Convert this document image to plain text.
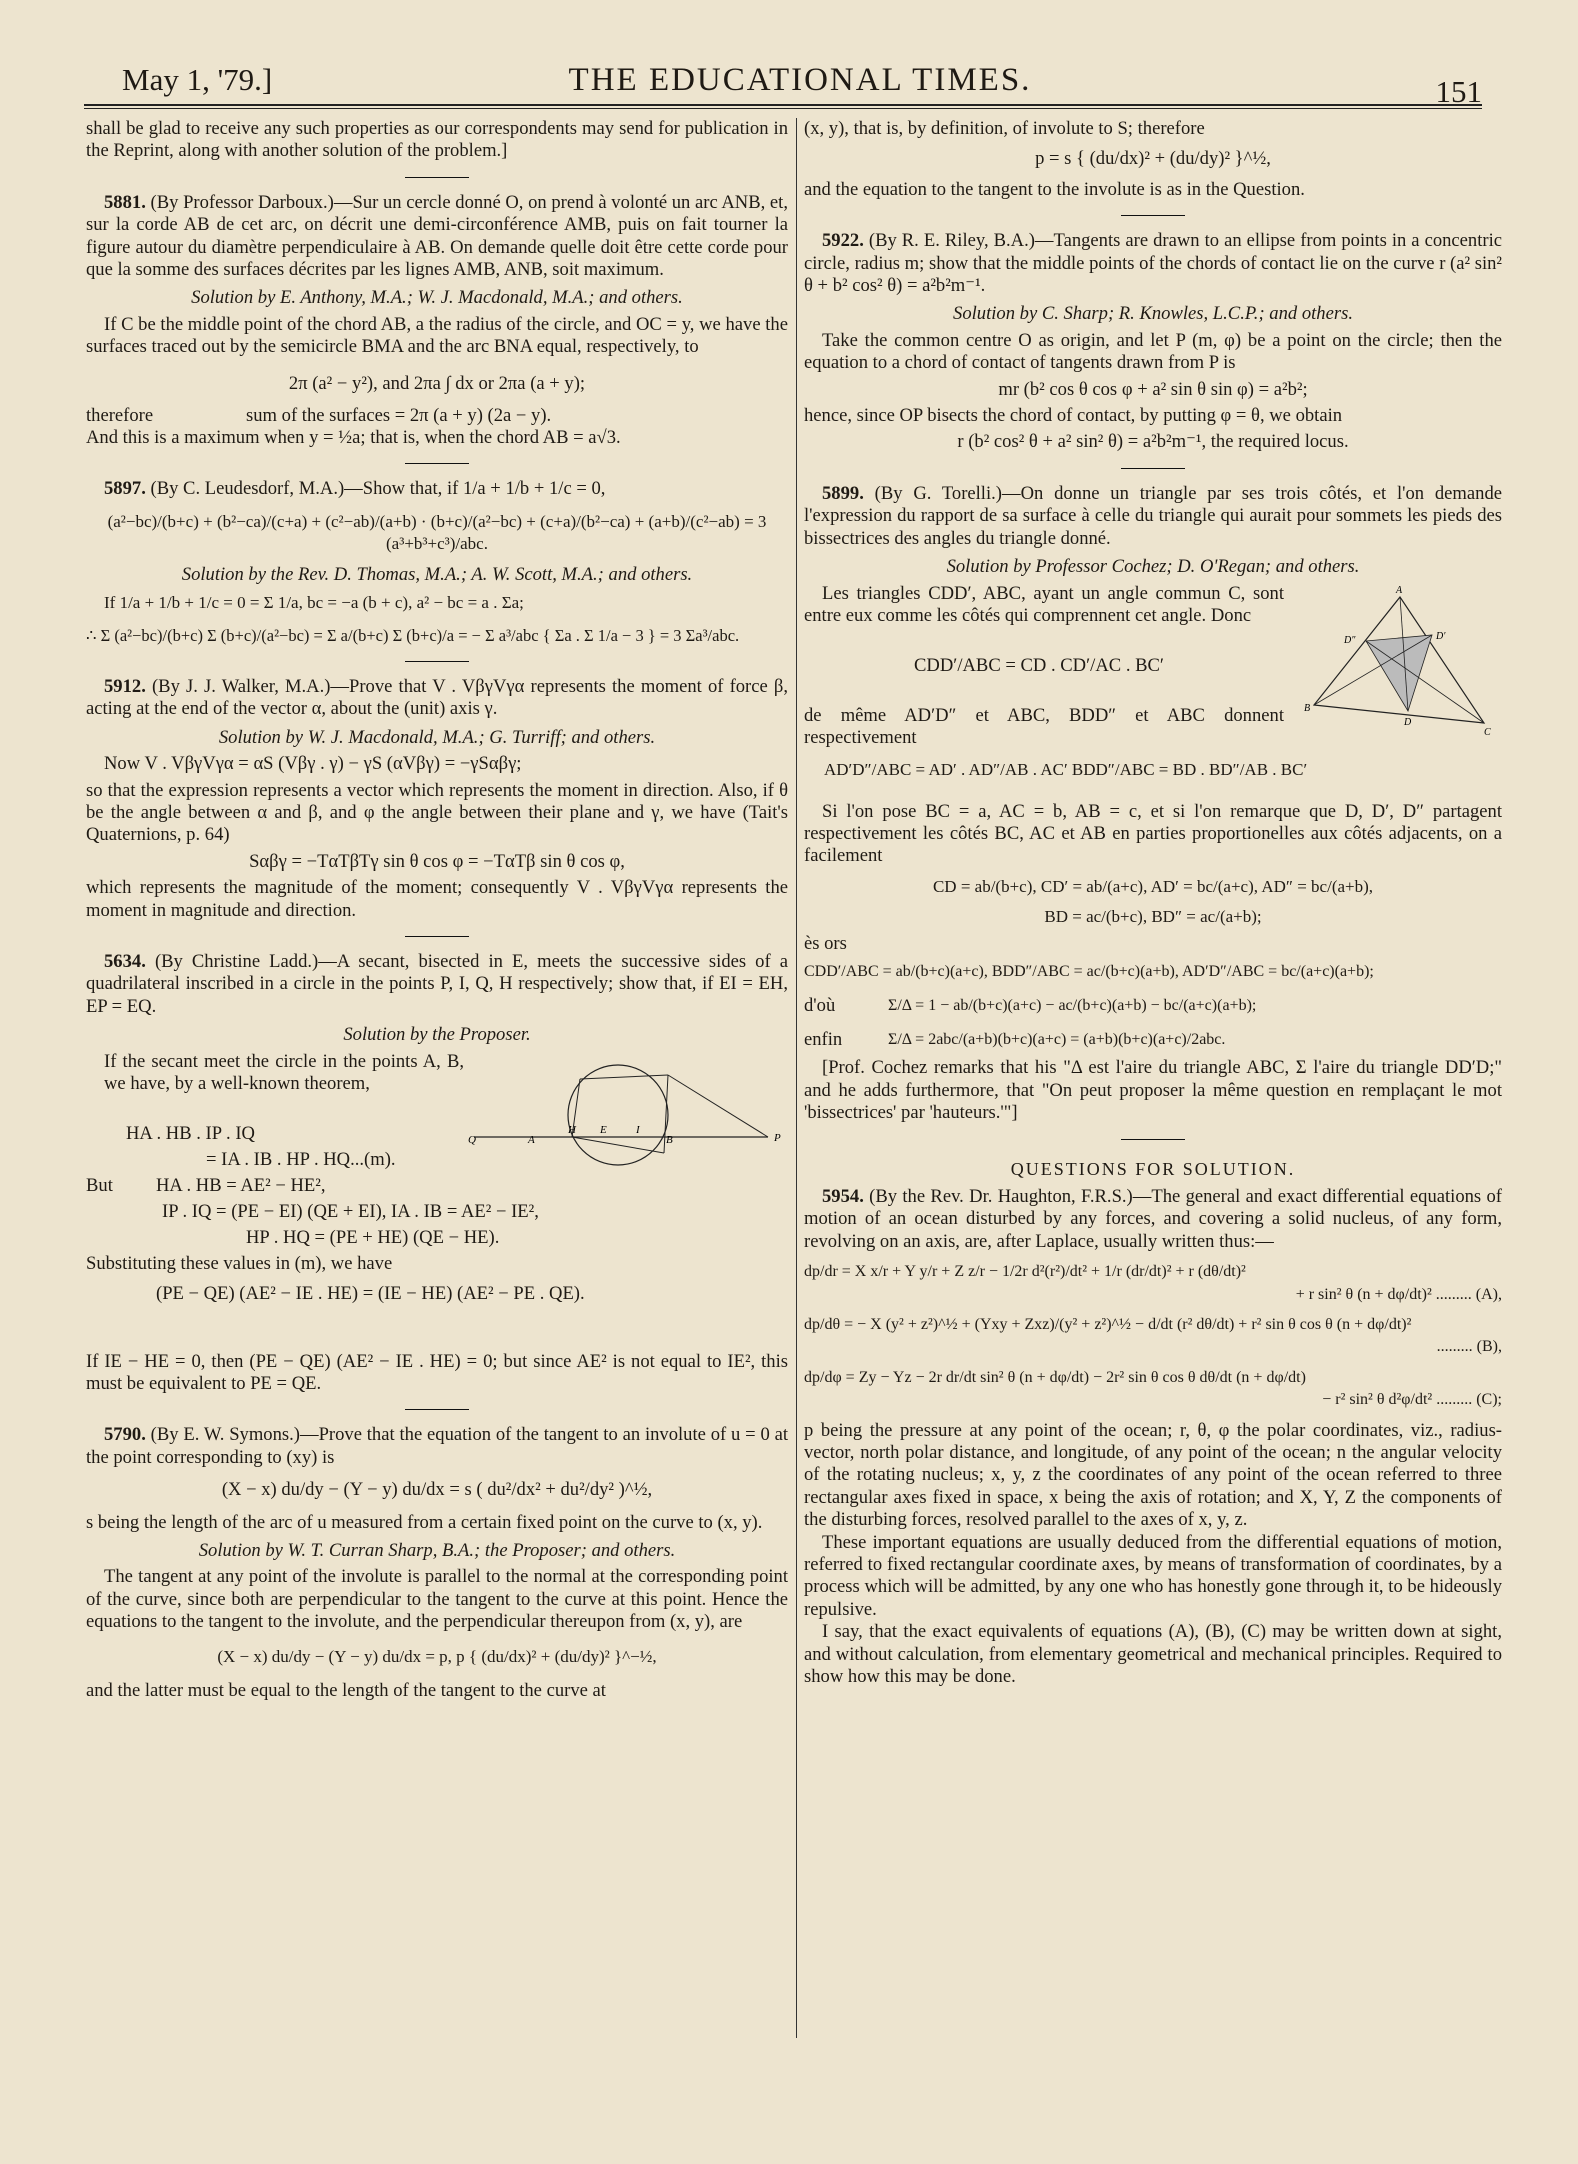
May 1, '79.]	THE EDUCATIONAL TIMES.	151

shall be glad to receive any such properties as our correspondents may send for publication in the Reprint, along with another solution of the problem.]

5881. (By Professor Darboux.)—Sur un cercle donné O, on prend à volonté un arc ANB, et, sur la corde AB de cet arc, on décrit une demi-circonférence AMB, puis on fait tourner la figure autour du diamètre perpendiculaire à AB. On demande quelle doit être cette corde pour que la somme des surfaces décrites par les lignes AMB, ANB, soit maximum.

Solution by E. Anthony, M.A.; W. J. Macdonald, M.A.; and others.

If C be the middle point of the chord AB, a the radius of the circle, and OC = y, we have the surfaces traced out by the semicircle BMA and the arc BNA equal, respectively, to

2π (a² − y²), and 2πa ∫ dx or 2πa (a + y);
therefore	sum of the surfaces = 2π (a + y) (2a − y).

And this is a maximum when y = ½a; that is, when the chord AB = a√3.

5897. (By C. Leudesdorf, M.A.)—Show that, if 1/a + 1/b + 1/c = 0,

(a²−bc)/(b+c) + (b²−ca)/(c+a) + (c²−ab)/(a+b) · (b+c)/(a²−bc) + (c+a)/(b²−ca) + (a+b)/(c²−ab) = 3 (a³+b³+c³)/abc.
Solution by the Rev. D. Thomas, M.A.; A. W. Scott, M.A.; and others.
If 1/a + 1/b + 1/c = 0 = Σ 1/a, bc = −a (b + c), a² − bc = a . Σa;
∴ Σ (a²−bc)/(b+c) Σ (b+c)/(a²−bc) = Σ a/(b+c) Σ (b+c)/a = − Σ a³/abc { Σa . Σ 1/a − 3 } = 3 Σa³/abc.

5912. (By J. J. Walker, M.A.)—Prove that V . VβγVγα represents the moment of force β, acting at the end of the vector α, about the (unit) axis γ.

Solution by W. J. Macdonald, M.A.; G. Turriff; and others.
Now V . VβγVγα = αS (Vβγ . γ) − γS (αVβγ) = −γSαβγ;

so that the expression represents a vector which represents the moment in direction. Also, if θ be the angle between α and β, and φ the angle between their plane and γ, we have (Tait's Quaternions, p. 64)

Sαβγ = −TαTβTγ sin θ cos φ = −TαTβ sin θ cos φ,

which represents the magnitude of the moment; consequently V . VβγVγα represents the moment in magnitude and direction.

5634. (By Christine Ladd.)—A secant, bisected in E, meets the successive sides of a quadrilateral inscribed in a circle in the points P, I, Q, H respectively; show that, if EI = EH, EP = EQ.

Solution by the Proposer.

If the secant meet the circle in the points A, B, we have, by a well-known theorem,

HA . HB . IP . IQ
= IA . IB . HP . HQ...(m).
But HA . HB = AE² − HE²,
IP . IQ = (PE − EI) (QE + EI), IA . IB = AE² − IE²,
HP . HQ = (PE + HE) (QE − HE).
Substituting these values in (m), we have
(PE − QE) (AE² − IE . HE) = (IE − HE) (AE² − PE . QE).
Q	A
H E	I
B	P

If IE − HE = 0, then (PE − QE) (AE² − IE . HE) = 0; but since AE² is not equal to IE², this must be equivalent to PE = QE.

5790. (By E. W. Symons.)—Prove that the equation of the tangent to an involute of u = 0 at the point corresponding to (xy) is

(X − x) du/dy − (Y − y) du/dx = s ( du²/dx² + du²/dy² )^½,

s being the length of the arc of u measured from a certain fixed point on the curve to (x, y).

Solution by W. T. Curran Sharp, B.A.; the Proposer; and others.

The tangent at any point of the involute is parallel to the normal at the corresponding point of the curve, since both are perpendicular to the tangent to the curve at this point. Hence the equations to the tangent to the involute, and the perpendicular thereupon from (x, y), are

(X − x) du/dy − (Y − y) du/dx = p, p { (du/dx)² + (du/dy)² }^−½,

and the latter must be equal to the length of the tangent to the curve at

(x, y), that is, by definition, of involute to S; therefore

p = s { (du/dx)² + (du/dy)² }^½,

and the equation to the tangent to the involute is as in the Question.

5922. (By R. E. Riley, B.A.)—Tangents are drawn to an ellipse from points in a concentric circle, radius m; show that the middle points of the chords of contact lie on the curve r (a² sin² θ + b² cos² θ) = a²b²m⁻¹.

Solution by C. Sharp; R. Knowles, L.C.P.; and others.

Take the common centre O as origin, and let P (m, φ) be a point on the circle; then the equation to a chord of contact of tangents drawn from P is

mr (b² cos θ cos φ + a² sin θ sin φ) = a²b²;

hence, since OP bisects the chord of contact, by putting φ = θ, we obtain

r (b² cos² θ + a² sin² θ) = a²b²m⁻¹, the required locus.

5899. (By G. Torelli.)—On donne un triangle par ses trois côtés, et l'on demande l'expression du rapport de sa surface à celle du triangle qui aurait pour sommets les pieds des bissectrices des angles du triangle donné.

Solution by Professor Cochez; D. O'Regan; and others.

Les triangles CDD′, ABC, ayant un angle commun C, sont entre eux comme les côtés qui comprennent cet angle. Donc

CDD′/ABC = CD . CD′/AC . BC′

de même AD′D″ et ABC, BDD″ et ABC donnent respectivement

AD′D″/ABC = AD′ . AD″/AB . AC′ BDD″/ABC = BD . BD″/AB . BC′
A
D″	D′
B
D
C

Si l'on pose BC = a, AC = b, AB = c, et si l'on remarque que D, D′, D″ partagent respectivement les côtés BC, AC et AB en parties proportionelles aux côtés adjacents, on a facilement

CD = ab/(b+c), CD′ = ab/(a+c), AD′ = bc/(a+c), AD″ = bc/(a+b),
BD = ac/(b+c), BD″ = ac/(a+b);
ès ors
CDD′/ABC = ab/(b+c)(a+c), BDD″/ABC = ac/(b+c)(a+b), AD′D″/ABC = bc/(a+c)(a+b);
d'où	Σ/Δ = 1 − ab/(b+c)(a+c) − ac/(b+c)(a+b) − bc/(a+c)(a+b);
enfin	Σ/Δ = 2abc/(a+b)(b+c)(a+c) = (a+b)(b+c)(a+c)/2abc.

[Prof. Cochez remarks that his "Δ est l'aire du triangle ABC, Σ l'aire du triangle DD′D;" and he adds furthermore, that "On peut proposer la même question en remplaçant le mot 'bissectrices' par 'hauteurs.'"]

QUESTIONS FOR SOLUTION.

5954. (By the Rev. Dr. Haughton, F.R.S.)—The general and exact differential equations of motion of an ocean disturbed by any forces, and covering a solid nucleus, of any form, revolving on an axis, are, after Laplace, usually written thus:—

dp/dr = X x/r + Y y/r + Z z/r − 1/2r d²(r²)/dt² + 1/r (dr/dt)² + r (dθ/dt)²
+ r sin² θ (n + dφ/dt)² ......... (A),
dp/dθ = − X (y² + z²)^½ + (Yxy + Zxz)/(y² + z²)^½ − d/dt (r² dθ/dt) + r² sin θ cos θ (n + dφ/dt)²
......... (B),
dp/dφ = Zy − Yz − 2r dr/dt sin² θ (n + dφ/dt) − 2r² sin θ cos θ dθ/dt (n + dφ/dt)
− r² sin² θ d²φ/dt² ......... (C);

p being the pressure at any point of the ocean; r, θ, φ the polar coordinates, viz., radius-vector, north polar distance, and longitude, of any point of the ocean; n the angular velocity of the rotating nucleus; x, y, z the coordinates of any point of the ocean referred to three rectangular axes fixed in space, x being the axis of rotation; and X, Y, Z the components of the disturbing forces, resolved parallel to the axes of x, y, z.

These important equations are usually deduced from the differential equations of motion, referred to fixed rectangular coordinate axes, by means of transformation of coordinates, by a process which will be admitted, by any one who has honestly gone through it, to be hideously repulsive.

I say, that the exact equivalents of equations (A), (B), (C) may be written down at sight, and without calculation, from elementary geometrical and mechanical principles. Required to show how this may be done.
